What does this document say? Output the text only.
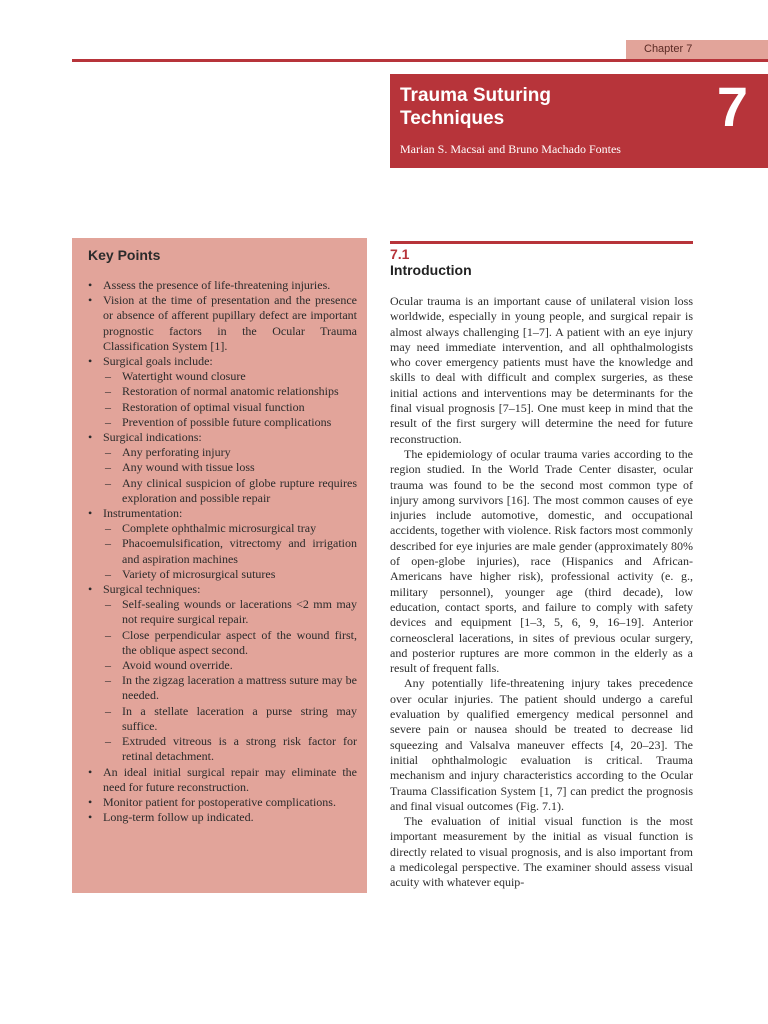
Chapter 7
Trauma Suturing
Techniques

Marian S. Macsai and Bruno Machado Fontes

7
Key Points
• Assess the presence of life-threatening injuries.
• Vision at the time of presentation and the presence or absence of afferent pupillary defect are important prognostic factors in the Ocular Trauma Classification System [1].
• Surgical goals include:
– Watertight wound closure
– Restoration of normal anatomic relationships
– Restoration of optimal visual function
– Prevention of possible future complications
• Surgical indications:
– Any perforating injury
– Any wound with tissue loss
– Any clinical suspicion of globe rupture requires exploration and possible repair
• Instrumentation:
– Complete ophthalmic microsurgical tray
– Phacoemulsification, vitrectomy and irrigation and aspiration machines
– Variety of microsurgical sutures
• Surgical techniques:
– Self-sealing wounds or lacerations <2 mm may not require surgical repair.
– Close perpendicular aspect of the wound first, the oblique aspect second.
– Avoid wound override.
– In the zigzag laceration a mattress suture may be needed.
– In a stellate laceration a purse string may suffice.
– Extruded vitreous is a strong risk factor for retinal detachment.
• An ideal initial surgical repair may eliminate the need for future reconstruction.
• Monitor patient for postoperative complications.
• Long-term follow up indicated.
7.1
Introduction

Ocular trauma is an important cause of unilateral vision loss worldwide, especially in young people, and surgical repair is almost always challenging [1–7]. A patient with an eye injury may need immediate intervention, and all ophthalmologists who cover emergency patients must have the knowledge and skills to deal with difficult and complex surgeries, as these initial actions and interventions may be determinants for the final visual prognosis [7–15]. One must keep in mind that the result of the first surgery will determine the need for future reconstruction.

The epidemiology of ocular trauma varies according to the region studied. In the World Trade Center disaster, ocular trauma was found to be the second most common type of injury among survivors [16]. The most common causes of eye injuries include automotive, domestic, and occupational accidents, together with violence. Risk factors most commonly described for eye injuries are male gender (approximately 80% of open-globe injuries), race (Hispanics and African-Americans have higher risk), professional activity (e. g., military personnel), younger age (third decade), low education, contact sports, and failure to comply with safety devices and equipment [1–3, 5, 6, 9, 16–19]. Anterior corneoscleral lacerations, in sites of previous ocular surgery, and posterior ruptures are more common in the elderly as a result of frequent falls.

Any potentially life-threatening injury takes precedence over ocular injuries. The patient should undergo a careful evaluation by qualified emergency medical personnel and severe pain or nausea should be treated to decrease lid squeezing and Valsalva maneuver effects [4, 20–23]. The initial ophthalmologic evaluation is critical. Trauma mechanism and injury characteristics according to the Ocular Trauma Classification System [1, 7] can predict the prognosis and final visual outcomes (Fig. 7.1).

The evaluation of initial visual function is the most important measurement by the initial as visual function is directly related to visual prognosis, and is also important from a medicolegal perspective. The examiner should assess visual acuity with whatever equip-
